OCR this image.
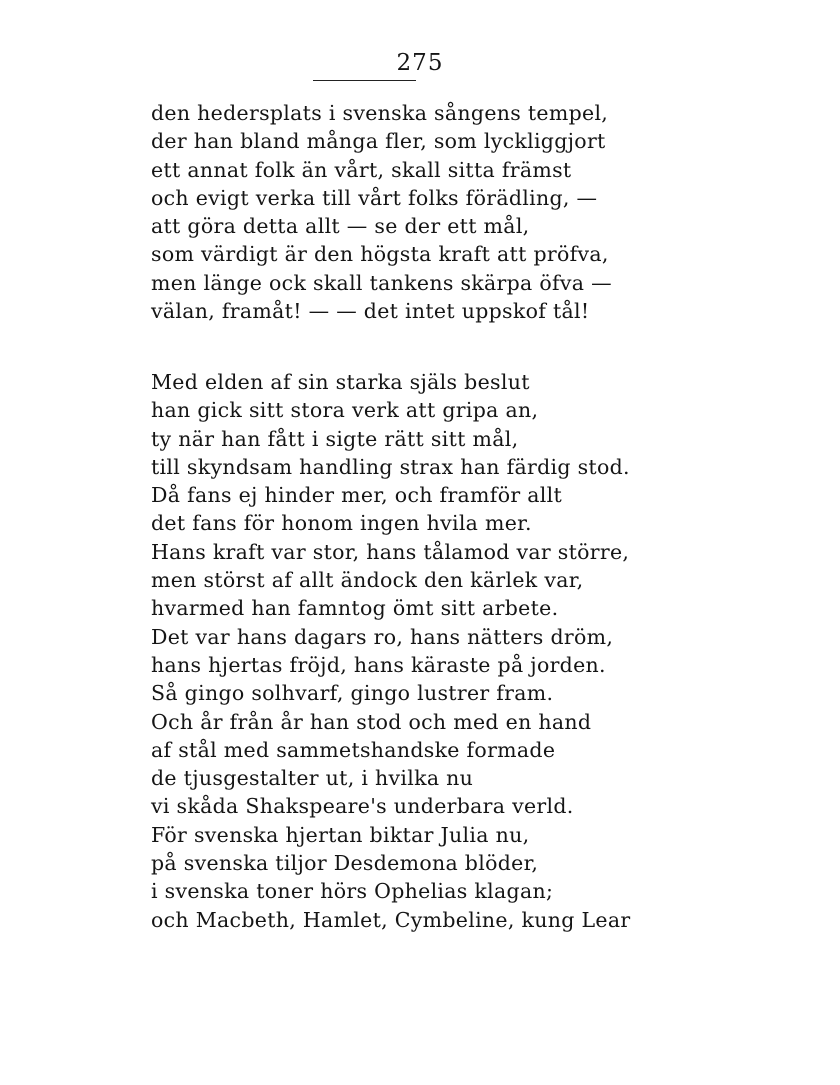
275
den hedersplats i svenska sångens tempel,
der han bland många fler, som lyckliggjort
ett annat folk än vårt, skall sitta främst
och evigt verka till vårt folks förädling, —
att göra detta allt — se der ett mål,
som värdigt är den högsta kraft att pröfva,
men länge ock skall tankens skärpa öfva —
välan, framåt! — — det intet uppskof tål!
Med elden af sin starka själs beslut
han gick sitt stora verk att gripa an,
ty när han fått i sigte rätt sitt mål,
till skyndsam handling strax han färdig stod.
Då fans ej hinder mer, och framför allt
det fans för honom ingen hvila mer.
Hans kraft var stor, hans tålamod var större,
men störst af allt ändock den kärlek var,
hvarmed han famntog ömt sitt arbete.
Det var hans dagars ro, hans nätters dröm,
hans hjertas fröjd, hans käraste på jorden.
Så gingo solhvarf, gingo lustrer fram.
Och år från år han stod och med en hand
af stål med sammetshandske formade
de tjusgestalter ut, i hvilka nu
vi skåda Shakspeare's underbara verld.
För svenska hjertan biktar Julia nu,
på svenska tiljor Desdemona blöder,
i svenska toner hörs Ophelias klagan;
och Macbeth, Hamlet, Cymbeline, kung Lear
